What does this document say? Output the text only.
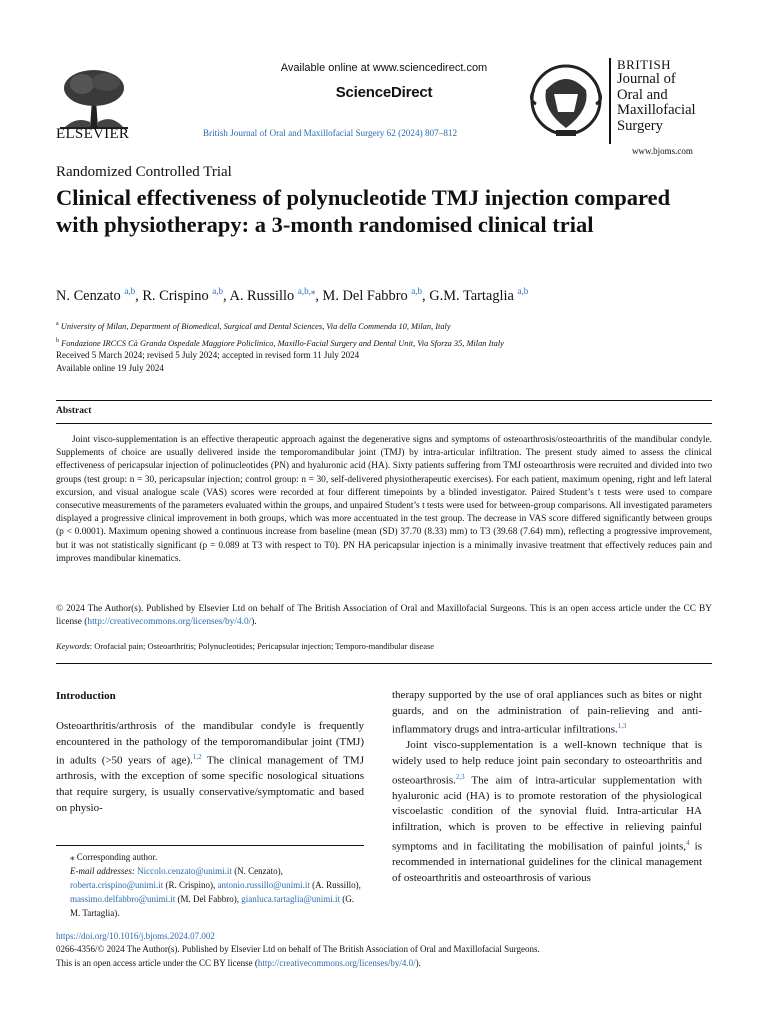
ELSEVIER
Available online at www.sciencedirect.com
ScienceDirect
British Journal of Oral and Maxillofacial Surgery 62 (2024) 807–812
BRITISH
Journal of
Oral and
Maxillofacial
Surgery
www.bjoms.com
Randomized Controlled Trial
Clinical effectiveness of polynucleotide TMJ injection compared with physiotherapy: a 3-month randomised clinical trial
N. Cenzato $^{a,b}$, R. Crispino $^{a,b}$, A. Russillo $^{a,b,⁎}$, M. Del Fabbro $^{a,b}$, G.M. Tartaglia $^{a,b}$
$^a$ University of Milan, Department of Biomedical, Surgical and Dental Sciences, Via della Commenda 10, Milan, Italy
$^b$ Fondazione IRCCS Cà Granda Ospedale Maggiore Policlinico, Maxillo-Facial Surgery and Dental Unit, Via Sforza 35, Milan Italy
Received 5 March 2024; revised 5 July 2024; accepted in revised form 11 July 2024
Available online 19 July 2024
Abstract
Joint visco-supplementation is an effective therapeutic approach against the degenerative signs and symptoms of osteoarthrosis/osteoarthritis of the mandibular condyle. Supplements of choice are usually delivered inside the temporomandibular joint (TMJ) by intra-articular infiltration. The present study aimed to assess the clinical effectiveness of pericapsular injection of polinucleotides (PN) and hyaluronic acid (HA). Sixty patients suffering from TMJ osteoarthrosis were recruited and divided into two groups (test group: n = 30, pericapsular injection; control group: n = 30, self-delivered physiotherapeutic exercises). For each patient, maximum opening, right and left lateral excursion, and visual analogue scale (VAS) scores were recorded at four different timepoints by a blinded investigator. Paired Student’s t tests were used to compare consecutive measurements of the parameters evaluated within the groups, and unpaired Student’s t tests were used for between-group comparisons. All investigated parameters displayed a progressive clinical improvement in both groups, which was more accentuated in the test group. The decrease in VAS score differed significantly between groups (p < 0.0001). Maximum opening showed a continuous increase from baseline (mean (SD) 37.70 (8.33) mm) to T3 (39.68 (7.64) mm), reflecting a progressive improvement, but it was not statistically significant (p = 0.089 at T3 with respect to T0). PN HA pericapsular injection is a minimally invasive treatment that effectively reduces pain and improves mandibular kinematics.
© 2024 The Author(s). Published by Elsevier Ltd on behalf of The British Association of Oral and Maxillofacial Surgeons. This is an open access article under the CC BY license (http://creativecommons.org/licenses/by/4.0/).
Keywords: Orofacial pain; Osteoarthritis; Polynucleotides; Pericapsular injection; Temporo-mandibular disease
Introduction
Osteoarthritis/arthrosis of the mandibular condyle is frequently encountered in the pathology of the temporomandibular joint (TMJ) in adults (>50 years of age).$^{1,2}$ The clinical management of TMJ arthrosis, with the exception of some specific nosological situations that require surgery, is usually conservative/symptomatic and based on physio-

therapy supported by the use of oral appliances such as bites or night guards, and on the administration of pain-relieving and anti-inflammatory drugs and intra-articular infiltrations.$^{1,3}$

Joint visco-supplementation is a well-known technique that is widely used to help reduce joint pain secondary to osteoarthritis and osteoarthrosis.$^{2,3}$ The aim of intra-articular supplementation with hyaluronic acid (HA) is to promote restoration of the physiological viscoelastic condition of the synovial fluid. Intra-articular HA infiltration, which is proven to be effective in relieving painful symptoms and in facilitating the mobilisation of painful joints,$^4$ is recommended in international guidelines for the clinical management of osteoarthritis and osteoarthrosis of various

⁎ Corresponding author.
E-mail addresses: Niccolo.cenzato@unimi.it (N. Cenzato), roberta.crispino@unimi.it (R. Crispino), antonio.russillo@unimi.it (A. Russillo), massimo.delfabbro@unimi.it (M. Del Fabbro), gianluca.tartaglia@unimi.it (G. M. Tartaglia).
https://doi.org/10.1016/j.bjoms.2024.07.002
0266-4356/© 2024 The Author(s). Published by Elsevier Ltd on behalf of The British Association of Oral and Maxillofacial Surgeons.
This is an open access article under the CC BY license (http://creativecommons.org/licenses/by/4.0/).
